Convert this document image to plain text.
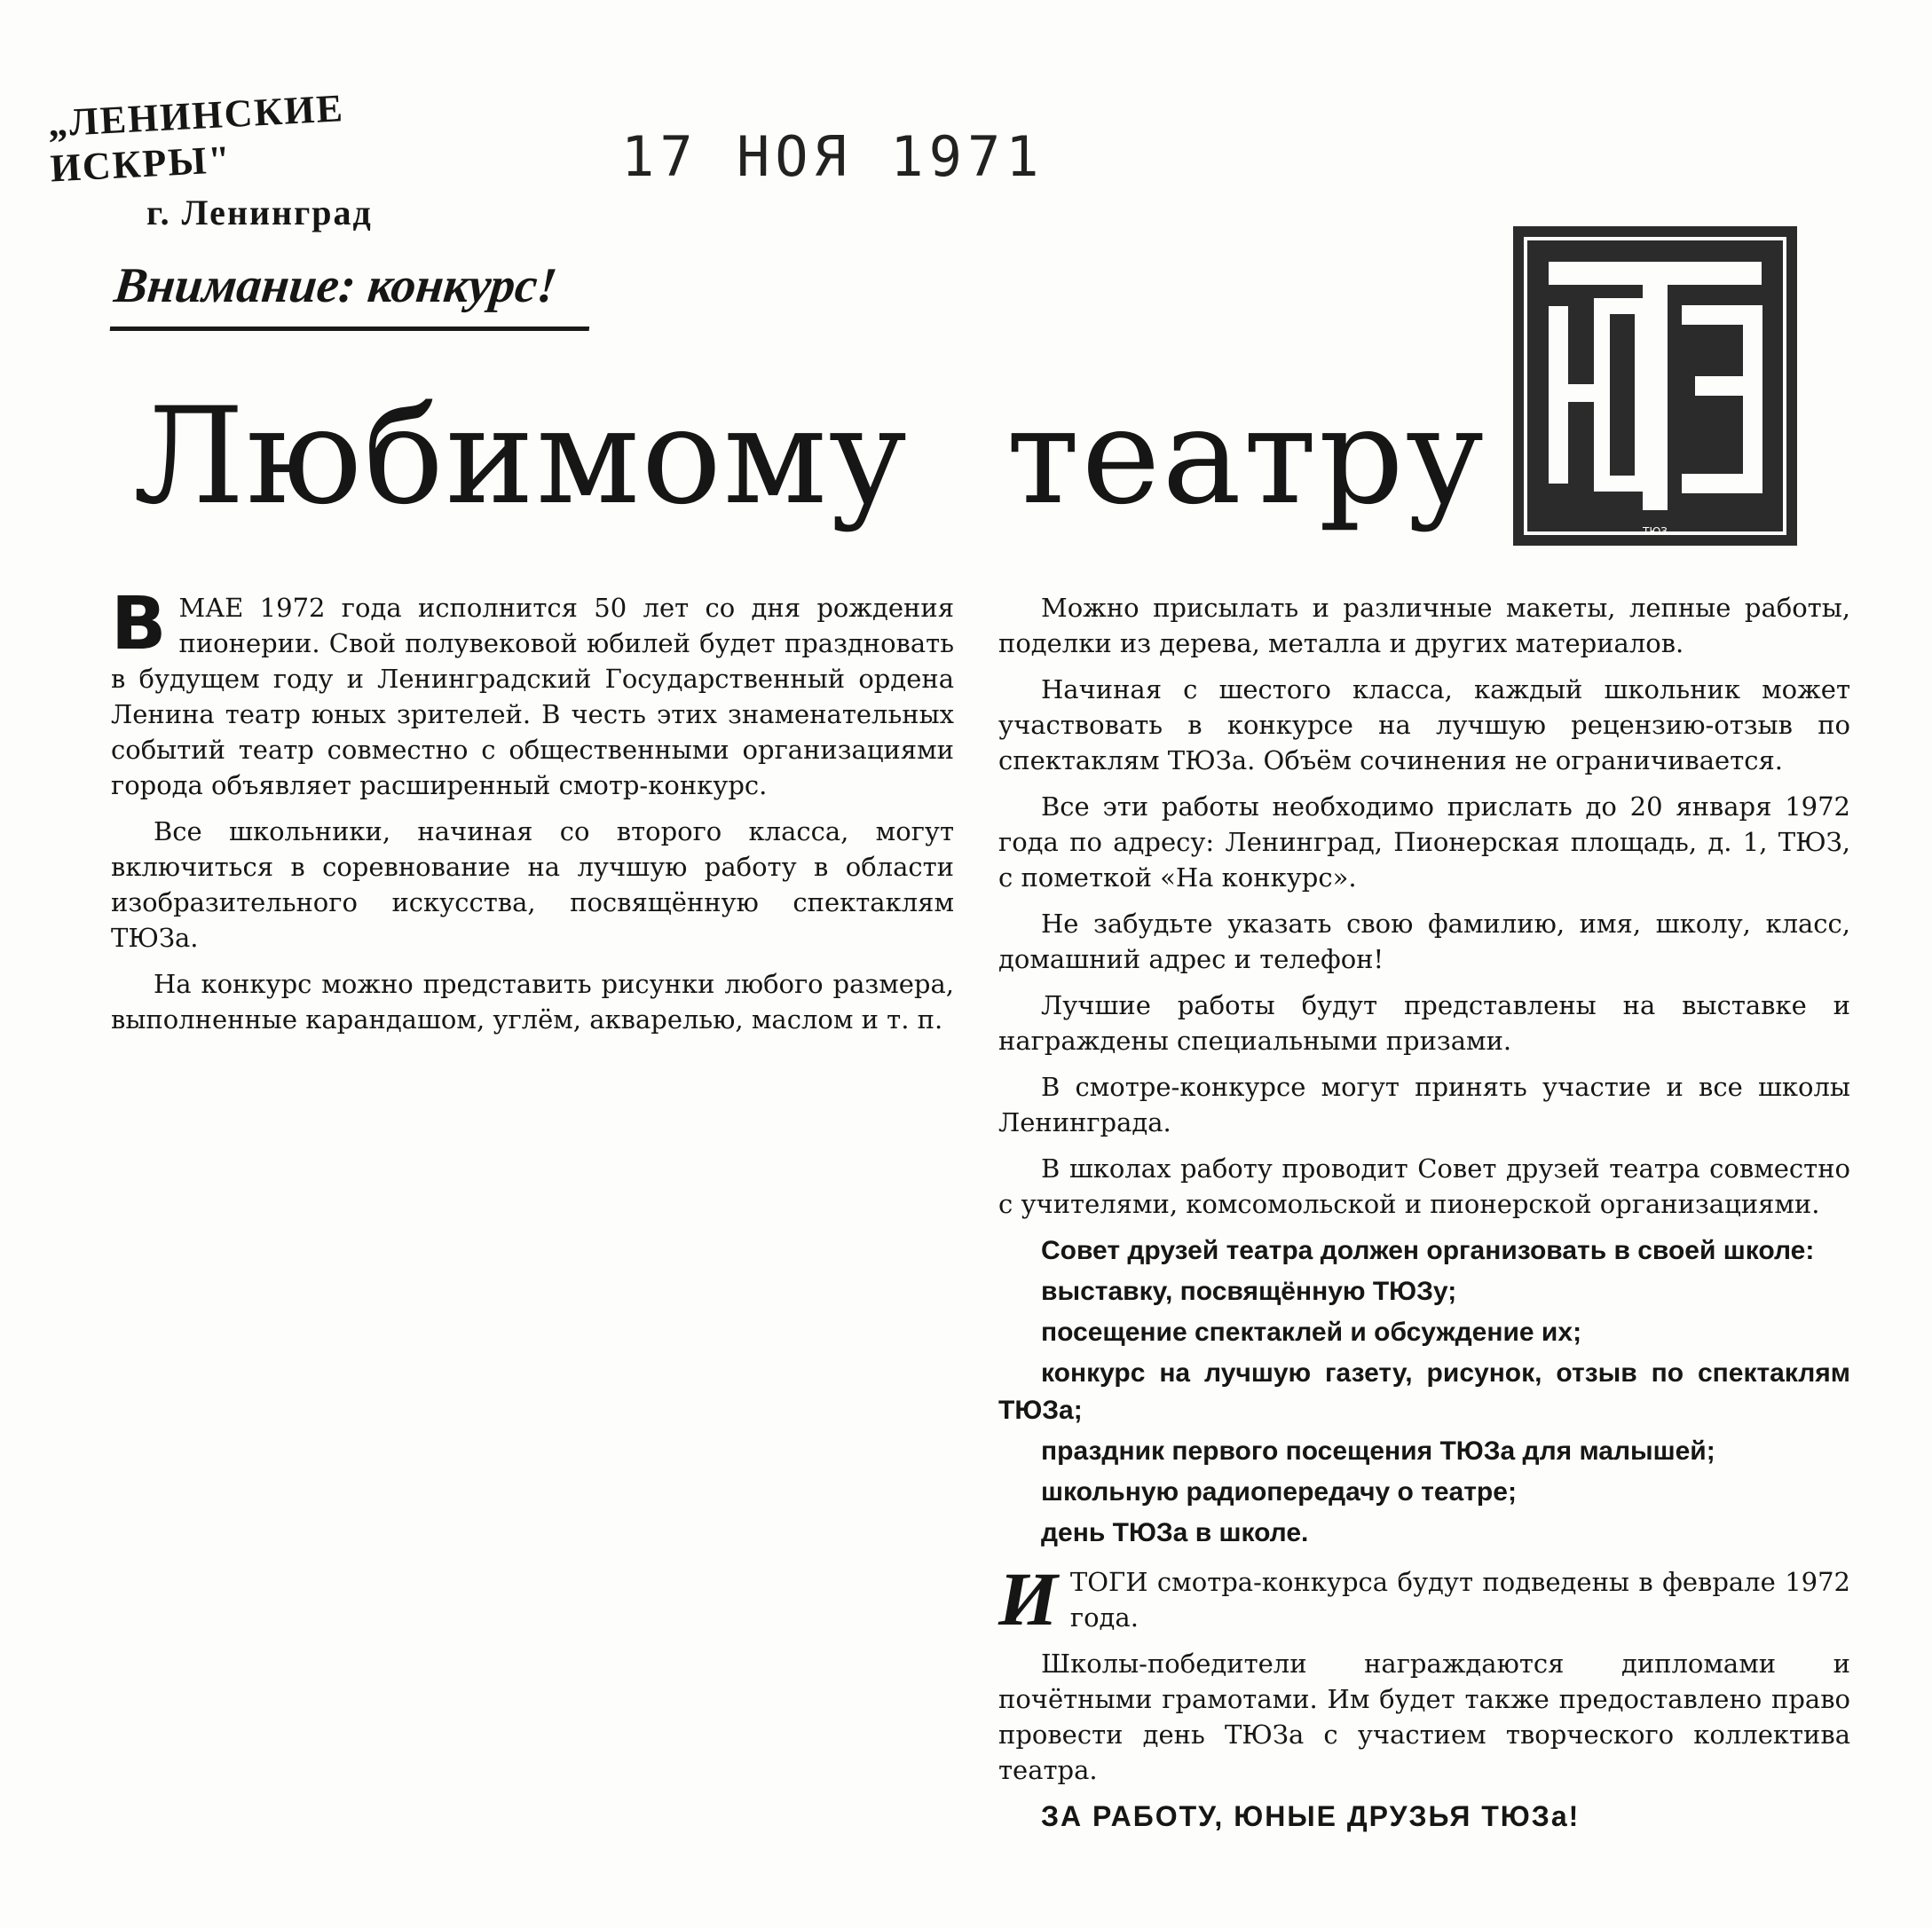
„ЛЕНИНСКИЕ ИСКРЫ"
г. Ленинград
17 НОЯ 1971
Внимание: конкурс!
Любимому театру	ТЮЗ

В МАЕ 1972 года исполнится 50 лет со дня рождения пионерии. Свой полувековой юбилей будет праздновать в будущем году и Ленинградский Государственный ордена Ленина театр юных зрителей. В честь этих знаменательных событий театр совместно с общественными организациями города объявляет расширенный смотр-конкурс.

Все школьники, начиная со второго класса, могут включиться в соревнование на лучшую работу в области изобразительного искусства, посвящённую спектаклям ТЮЗа.

На конкурс можно представить рисунки любого размера, выполненные карандашом, углём, акварелью, маслом и т. п.

Можно присылать и различные макеты, лепные работы, поделки из дерева, металла и других материалов.

Начиная с шестого класса, каждый школьник может участвовать в конкурсе на лучшую рецензию-отзыв по спектаклям ТЮЗа. Объём сочинения не ограничивается.

Все эти работы необходимо прислать до 20 января 1972 года по адресу: Ленинград, Пионерская площадь, д. 1, ТЮЗ, с пометкой «На конкурс».

Не забудьте указать свою фамилию, имя, школу, класс, домашний адрес и телефон!

Лучшие работы будут представлены на выставке и награждены специальными призами.

В смотре-конкурсе могут принять участие и все школы Ленинграда.

В школах работу проводит Совет друзей театра совместно с учителями, комсомольской и пионерской организациями.

Совет друзей театра должен организовать в своей школе:

выставку, посвящённую ТЮЗу;

посещение спектаклей и обсуждение их;

конкурс на лучшую газету, рисунок, отзыв по спектаклям ТЮЗа;

праздник первого посещения ТЮЗа для малышей;

школьную радиопередачу о театре;

день ТЮЗа в школе.

И ТОГИ смотра-конкурса будут подведены в феврале 1972 года.

Школы-победители награждаются дипломами и почётными грамотами. Им будет также предоставлено право провести день ТЮЗа с участием творческого коллектива театра.

ЗА РАБОТУ, ЮНЫЕ ДРУЗЬЯ ТЮЗа!
